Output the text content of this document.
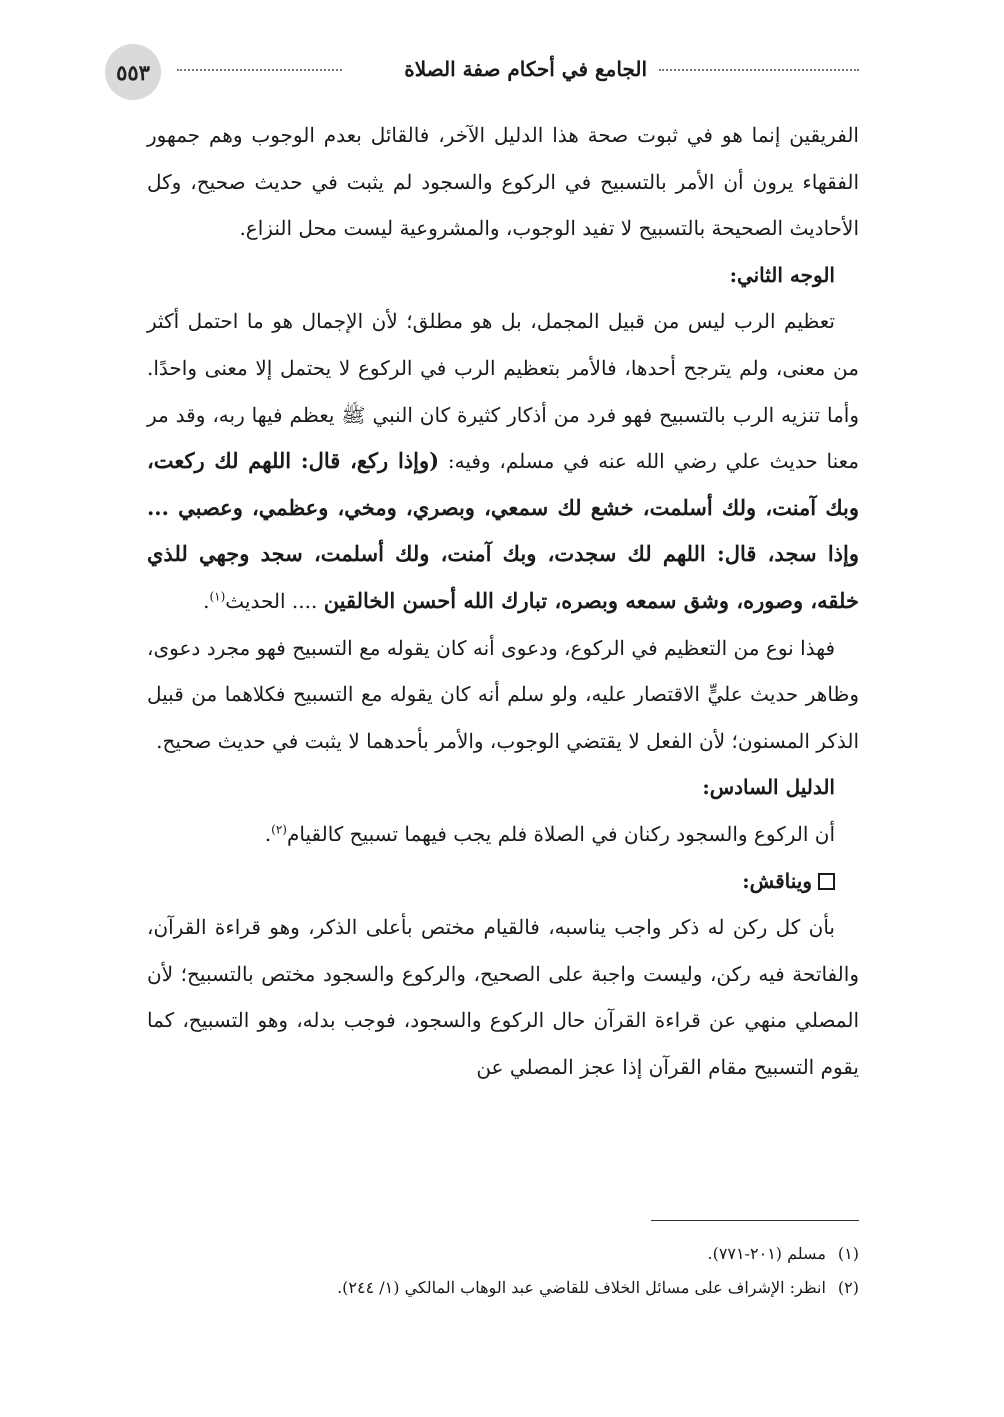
الجامع في أحكام صفة الصلاة
٥٥٣

الفريقين إنما هو في ثبوت صحة هذا الدليل الآخر، فالقائل بعدم الوجوب وهم جمهور الفقهاء يرون أن الأمر بالتسبيح في الركوع والسجود لم يثبت في حديث صحيح، وكل الأحاديث الصحيحة بالتسبيح لا تفيد الوجوب، والمشروعية ليست محل النزاع.

الوجه الثاني:

تعظيم الرب ليس من قبيل المجمل، بل هو مطلق؛ لأن الإجمال هو ما احتمل أكثر من معنى، ولم يترجح أحدها، فالأمر بتعظيم الرب في الركوع لا يحتمل إلا معنى واحدًا. وأما تنزيه الرب بالتسبيح فهو فرد من أذكار كثيرة كان النبي ﷺ يعظم فيها ربه، وقد مر معنا حديث علي رضي الله عنه في مسلم، وفيه: (وإذا ركع، قال: اللهم لك ركعت، وبك آمنت، ولك أسلمت، خشع لك سمعي، وبصري، ومخي، وعظمي، وعصبي ... وإذا سجد، قال: اللهم لك سجدت، وبك آمنت، ولك أسلمت، سجد وجهي للذي خلقه، وصوره، وشق سمعه وبصره، تبارك الله أحسن الخالقين .... الحديث$^{(١)}$.

فهذا نوع من التعظيم في الركوع، ودعوى أنه كان يقوله مع التسبيح فهو مجرد دعوى، وظاهر حديث عليٍّ الاقتصار عليه، ولو سلم أنه كان يقوله مع التسبيح فكلاهما من قبيل الذكر المسنون؛ لأن الفعل لا يقتضي الوجوب، والأمر بأحدهما لا يثبت في حديث صحيح.

الدليل السادس:

أن الركوع والسجود ركنان في الصلاة فلم يجب فيهما تسبيح كالقيام$^{(٢)}$.

ويناقش:

بأن كل ركن له ذكر واجب يناسبه، فالقيام مختص بأعلى الذكر، وهو قراءة القرآن، والفاتحة فيه ركن، وليست واجبة على الصحيح، والركوع والسجود مختص بالتسبيح؛ لأن المصلي منهي عن قراءة القرآن حال الركوع والسجود، فوجب بدله، وهو التسبيح، كما يقوم التسبيح مقام القرآن إذا عجز المصلي عن

(١)مسلم (٢٠١-٧٧١).

(٢)انظر: الإشراف على مسائل الخلاف للقاضي عبد الوهاب المالكي (١/ ٢٤٤).
